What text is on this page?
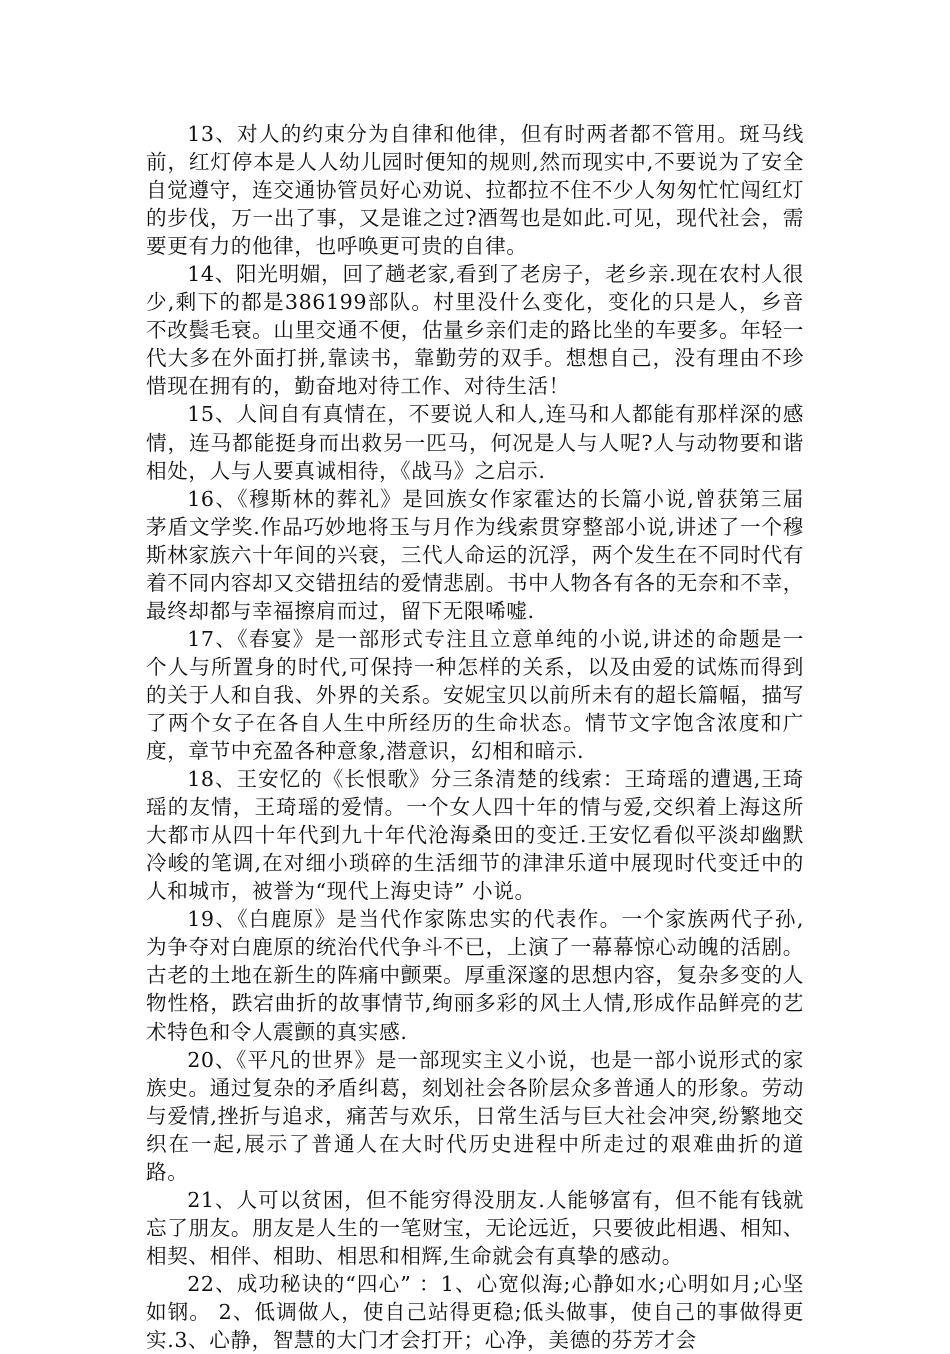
13、对人的约束分为自律和他律，但有时两者都不管用。斑马线前，红灯停本是人人幼儿园时便知的规则,然而现实中,不要说为了安全自觉遵守，连交通协管员好心劝说、拉都拉不住不少人匆匆忙忙闯红灯的步伐，万一出了事，又是谁之过?酒驾也是如此.可见，现代社会，需要更有力的他律，也呼唤更可贵的自律。

14、阳光明媚，回了趟老家,看到了老房子，老乡亲.现在农村人很少,剩下的都是386199部队。村里没什么变化，变化的只是人，乡音不改鬓毛衰。山里交通不便，估量乡亲们走的路比坐的车要多。年轻一代大多在外面打拼,靠读书，靠勤劳的双手。想想自己，没有理由不珍惜现在拥有的，勤奋地对待工作、对待生活！

15、人间自有真情在，不要说人和人,连马和人都能有那样深的感情，连马都能挺身而出救另一匹马，何况是人与人呢?人与动物要和谐相处，人与人要真诚相待，《战马》之启示.

16、《穆斯林的葬礼》是回族女作家霍达的长篇小说,曾获第三届茅盾文学奖.作品巧妙地将玉与月作为线索贯穿整部小说,讲述了一个穆斯林家族六十年间的兴衰，三代人命运的沉浮，两个发生在不同时代有着不同内容却又交错扭结的爱情悲剧。书中人物各有各的无奈和不幸，最终却都与幸福擦肩而过，留下无限唏嘘.

17、《春宴》是一部形式专注且立意单纯的小说,讲述的命题是一个人与所置身的时代,可保持一种怎样的关系，以及由爱的试炼而得到的关于人和自我、外界的关系。安妮宝贝以前所未有的超长篇幅，描写了两个女子在各自人生中所经历的生命状态。情节文字饱含浓度和广度，章节中充盈各种意象,潜意识，幻相和暗示.

18、王安忆的《长恨歌》分三条清楚的线索：王琦瑶的遭遇,王琦瑶的友情，王琦瑶的爱情。一个女人四十年的情与爱,交织着上海这所大都市从四十年代到九十年代沧海桑田的变迁.王安忆看似平淡却幽默冷峻的笔调,在对细小琐碎的生活细节的津津乐道中展现时代变迁中的人和城市，被誉为“现代上海史诗” 小说。

19、《白鹿原》是当代作家陈忠实的代表作。一个家族两代子孙,为争夺对白鹿原的统治代代争斗不已，上演了一幕幕惊心动魄的活剧。古老的土地在新生的阵痛中颤栗。厚重深邃的思想内容，复杂多变的人物性格，跌宕曲折的故事情节,绚丽多彩的风土人情,形成作品鲜亮的艺术特色和令人震颤的真实感.

20、《平凡的世界》是一部现实主义小说，也是一部小说形式的家族史。通过复杂的矛盾纠葛，刻划社会各阶层众多普通人的形象。劳动与爱情,挫折与追求，痛苦与欢乐，日常生活与巨大社会冲突,纷繁地交织在一起,展示了普通人在大时代历史进程中所走过的艰难曲折的道路。

21、人可以贫困，但不能穷得没朋友.人能够富有，但不能有钱就忘了朋友。朋友是人生的一笔财宝，无论远近，只要彼此相遇、相知、相契、相伴、相助、相思和相辉,生命就会有真挚的感动。

22、成功秘诀的“四心” ：1、心宽似海;心静如水;心明如月;心坚如钢。 2、低调做人，使自己站得更稳;低头做事，使自己的事做得更实.3、心静，智慧的大门才会打开；心净，美德的芬芳才会
